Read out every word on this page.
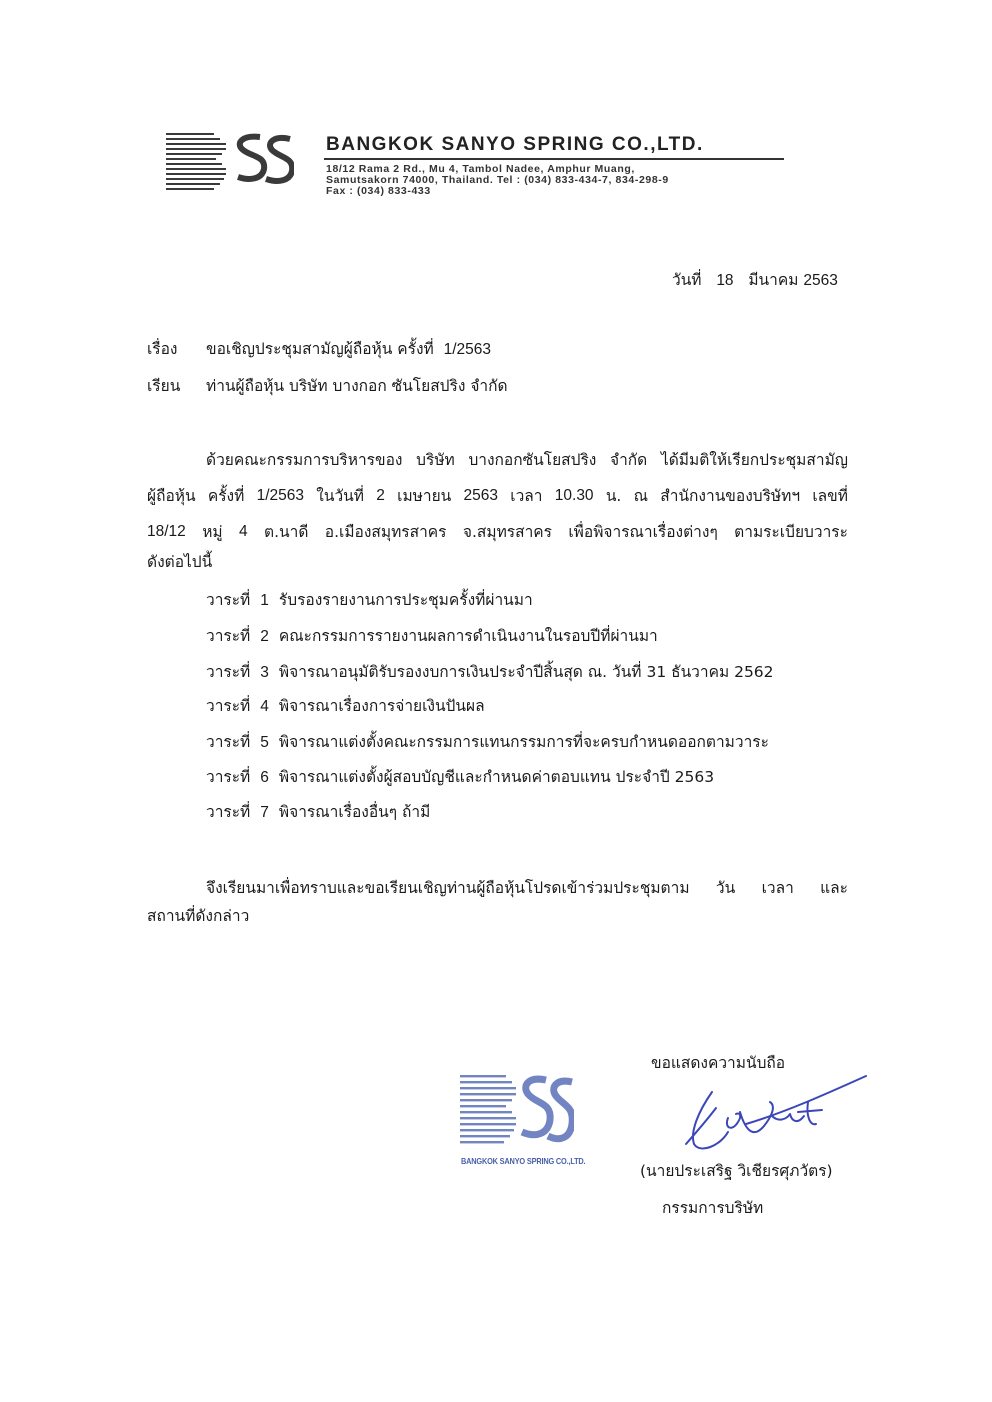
BANGKOK SANYO SPRING CO.,LTD.
18/12 Rama 2 Rd., Mu 4, Tambol Nadee, Amphur Muang,
Samutsakorn 74000, Thailand. Tel : (034) 833-434-7, 834-298-9
Fax : (034) 833-433
วันที่ 18 มีนาคม 2563
เรื่อง ขอเชิญประชุมสามัญผู้ถือหุ้น ครั้งที่ 1/2563
เรียน ท่านผู้ถือหุ้น บริษัท บางกอก ซันโยสปริง จำกัด
ด้วยคณะกรรมการบริหารของ บริษัท บางกอกซันโยสปริง จำกัด ได้มีมติให้เรียกประชุมสามัญ
ผู้ถือหุ้น ครั้งที่ 1/2563 ในวันที่ 2 เมษายน 2563 เวลา 10.30 น. ณ สำนักงานของบริษัทฯ เลขที่
18/12 หมู่ 4 ต.นาดี อ.เมืองสมุทรสาคร จ.สมุทรสาคร เพื่อพิจารณาเรื่องต่างๆ ตามระเบียบวาระ
ดังต่อไปนี้
วาระที่ 1 รับรองรายงานการประชุมครั้งที่ผ่านมา
วาระที่ 2 คณะกรรมการรายงานผลการดำเนินงานในรอบปีที่ผ่านมา
วาระที่ 3 พิจารณาอนุมัติรับรองงบการเงินประจำปีสิ้นสุด ณ. วันที่ 31 ธันวาคม 2562
วาระที่ 4 พิจารณาเรื่องการจ่ายเงินปันผล
วาระที่ 5 พิจารณาแต่งตั้งคณะกรรมการแทนกรรมการที่จะครบกำหนดออกตามวาระ
วาระที่ 6 พิจารณาแต่งตั้งผู้สอบบัญชีและกำหนดค่าตอบแทน ประจำปี 2563
วาระที่ 7 พิจารณาเรื่องอื่นๆ ถ้ามี
จึงเรียนมาเพื่อทราบและขอเรียนเชิญท่านผู้ถือหุ้นโปรดเข้าร่วมประชุมตาม วัน เวลา และ
สถานที่ดังกล่าว
ขอแสดงความนับถือ
BANGKOK SANYO SPRING CO.,LTD.
(นายประเสริฐ วิเชียรศุภวัตร)
กรรมการบริษัท
